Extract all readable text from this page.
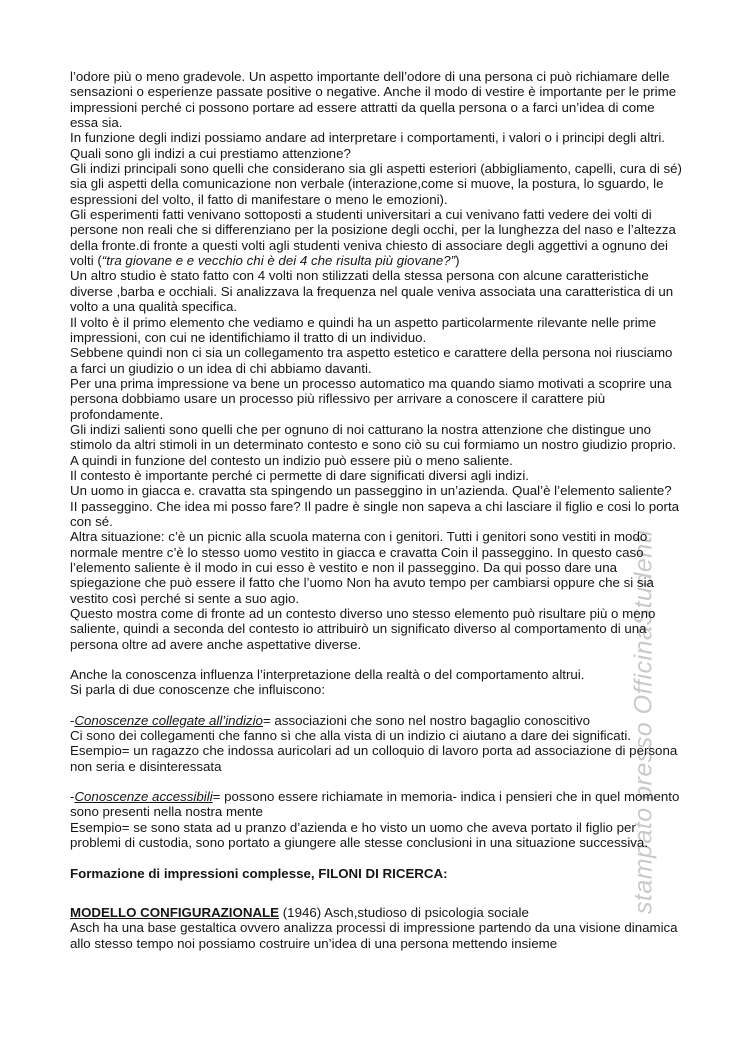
stampato presso OfficinaStudenti

l’odore più o meno gradevole. Un aspetto importante dell’odore di una persona ci può richiamare delle sensazioni o esperienze passate positive o negative. Anche il modo di vestire è importante per le prime impressioni perché ci possono portare ad essere attratti da quella persona o a farci un’idea di come essa sia.

In funzione degli indizi possiamo andare ad interpretare i comportamenti, i valori o i principi degli altri.

Quali sono gli indizi a cui prestiamo attenzione?

Gli indizi principali sono quelli che considerano sia gli aspetti esteriori (abbigliamento, capelli, cura di sé) sia gli aspetti della comunicazione non verbale (interazione,come si muove, la postura, lo sguardo, le espressioni del volto, il fatto di manifestare o meno le emozioni).

Gli esperimenti fatti venivano sottoposti a studenti universitari a cui venivano fatti vedere dei volti di persone non reali che si differenziano per la posizione degli occhi, per la lunghezza del naso e l’altezza della fronte.di fronte a questi volti agli studenti veniva chiesto di associare degli aggettivi a ognuno dei volti (“tra giovane e e vecchio chi è dei 4 che risulta più giovane?”)

Un altro studio è stato fatto con 4 volti non stilizzati della stessa persona con alcune caratteristiche diverse ,barba e occhiali. Si analizzava la frequenza nel quale veniva associata una caratteristica di un volto a una qualità specifica.

Il volto è il primo elemento che vediamo e quindi ha un aspetto particolarmente rilevante nelle prime impressioni, con cui ne identifichiamo il tratto di un individuo.

Sebbene quindi non ci sia un collegamento tra aspetto estetico e carattere della persona noi riusciamo a farci un giudizio o un idea di chi abbiamo davanti.

Per una prima impressione va bene un processo automatico ma quando siamo motivati a scoprire una persona dobbiamo usare un processo più riflessivo per arrivare a conoscere il carattere più profondamente.

Gli indizi salienti sono quelli che per ognuno di noi catturano la nostra attenzione che distingue uno stimolo da altri stimoli in un determinato contesto e sono ciò su cui formiamo un nostro giudizio proprio. A quindi in funzione del contesto un indizio può essere più o meno saliente.

Il contesto è importante perché ci permette di dare significati diversi agli indizi.

Un uomo in giacca e. cravatta sta spingendo un passeggino in un’azienda. Qual’è l’elemento saliente? II passeggino. Che idea mi posso fare? Il padre è single non sapeva a chi lasciare il figlio e cosi lo porta con sé.

Altra situazione: c’è un picnic alla scuola materna con i genitori. Tutti i genitori sono vestiti in modo normale mentre c’è lo stesso uomo vestito in giacca e cravatta Coin il passeggino. In questo caso l’elemento saliente è il modo in cui esso è vestito e non il passeggino. Da qui posso dare una spiegazione che può essere il fatto che l’uomo Non ha avuto tempo per cambiarsi oppure che si sia vestito così perché si sente a suo agio.

Questo mostra come di fronte ad un contesto diverso uno stesso elemento può risultare più o meno saliente, quindi a seconda del contesto io attribuirò un significato diverso al comportamento di una persona oltre ad avere anche aspettative diverse.

Anche la conoscenza influenza l’interpretazione della realtà o del comportamento altrui.

Si parla di due conoscenze che influiscono:

-Conoscenze collegate all’indizio= associazioni che sono nel nostro bagaglio conoscitivo

Ci sono dei collegamenti che fanno sì che alla vista di un indizio ci aiutano a dare dei significati.

Esempio= un ragazzo che indossa auricolari ad un colloquio di lavoro porta ad associazione di persona non seria e disinteressata

-Conoscenze accessibili= possono essere richiamate in memoria- indica i pensieri che in quel momento sono presenti nella nostra mente

Esempio= se sono stata ad u pranzo d’azienda e ho visto un uomo che aveva portato il figlio per problemi di custodia, sono portato a giungere alle stesse conclusioni in una situazione successiva.

Formazione di impressioni complesse, FILONI DI RICERCA:

MODELLO CONFIGURAZIONALE (1946) Asch,studioso di psicologia sociale

Asch ha una base gestaltica ovvero analizza processi di impressione partendo da una visione dinamica allo stesso tempo noi possiamo costruire un’idea di una persona mettendo insieme
